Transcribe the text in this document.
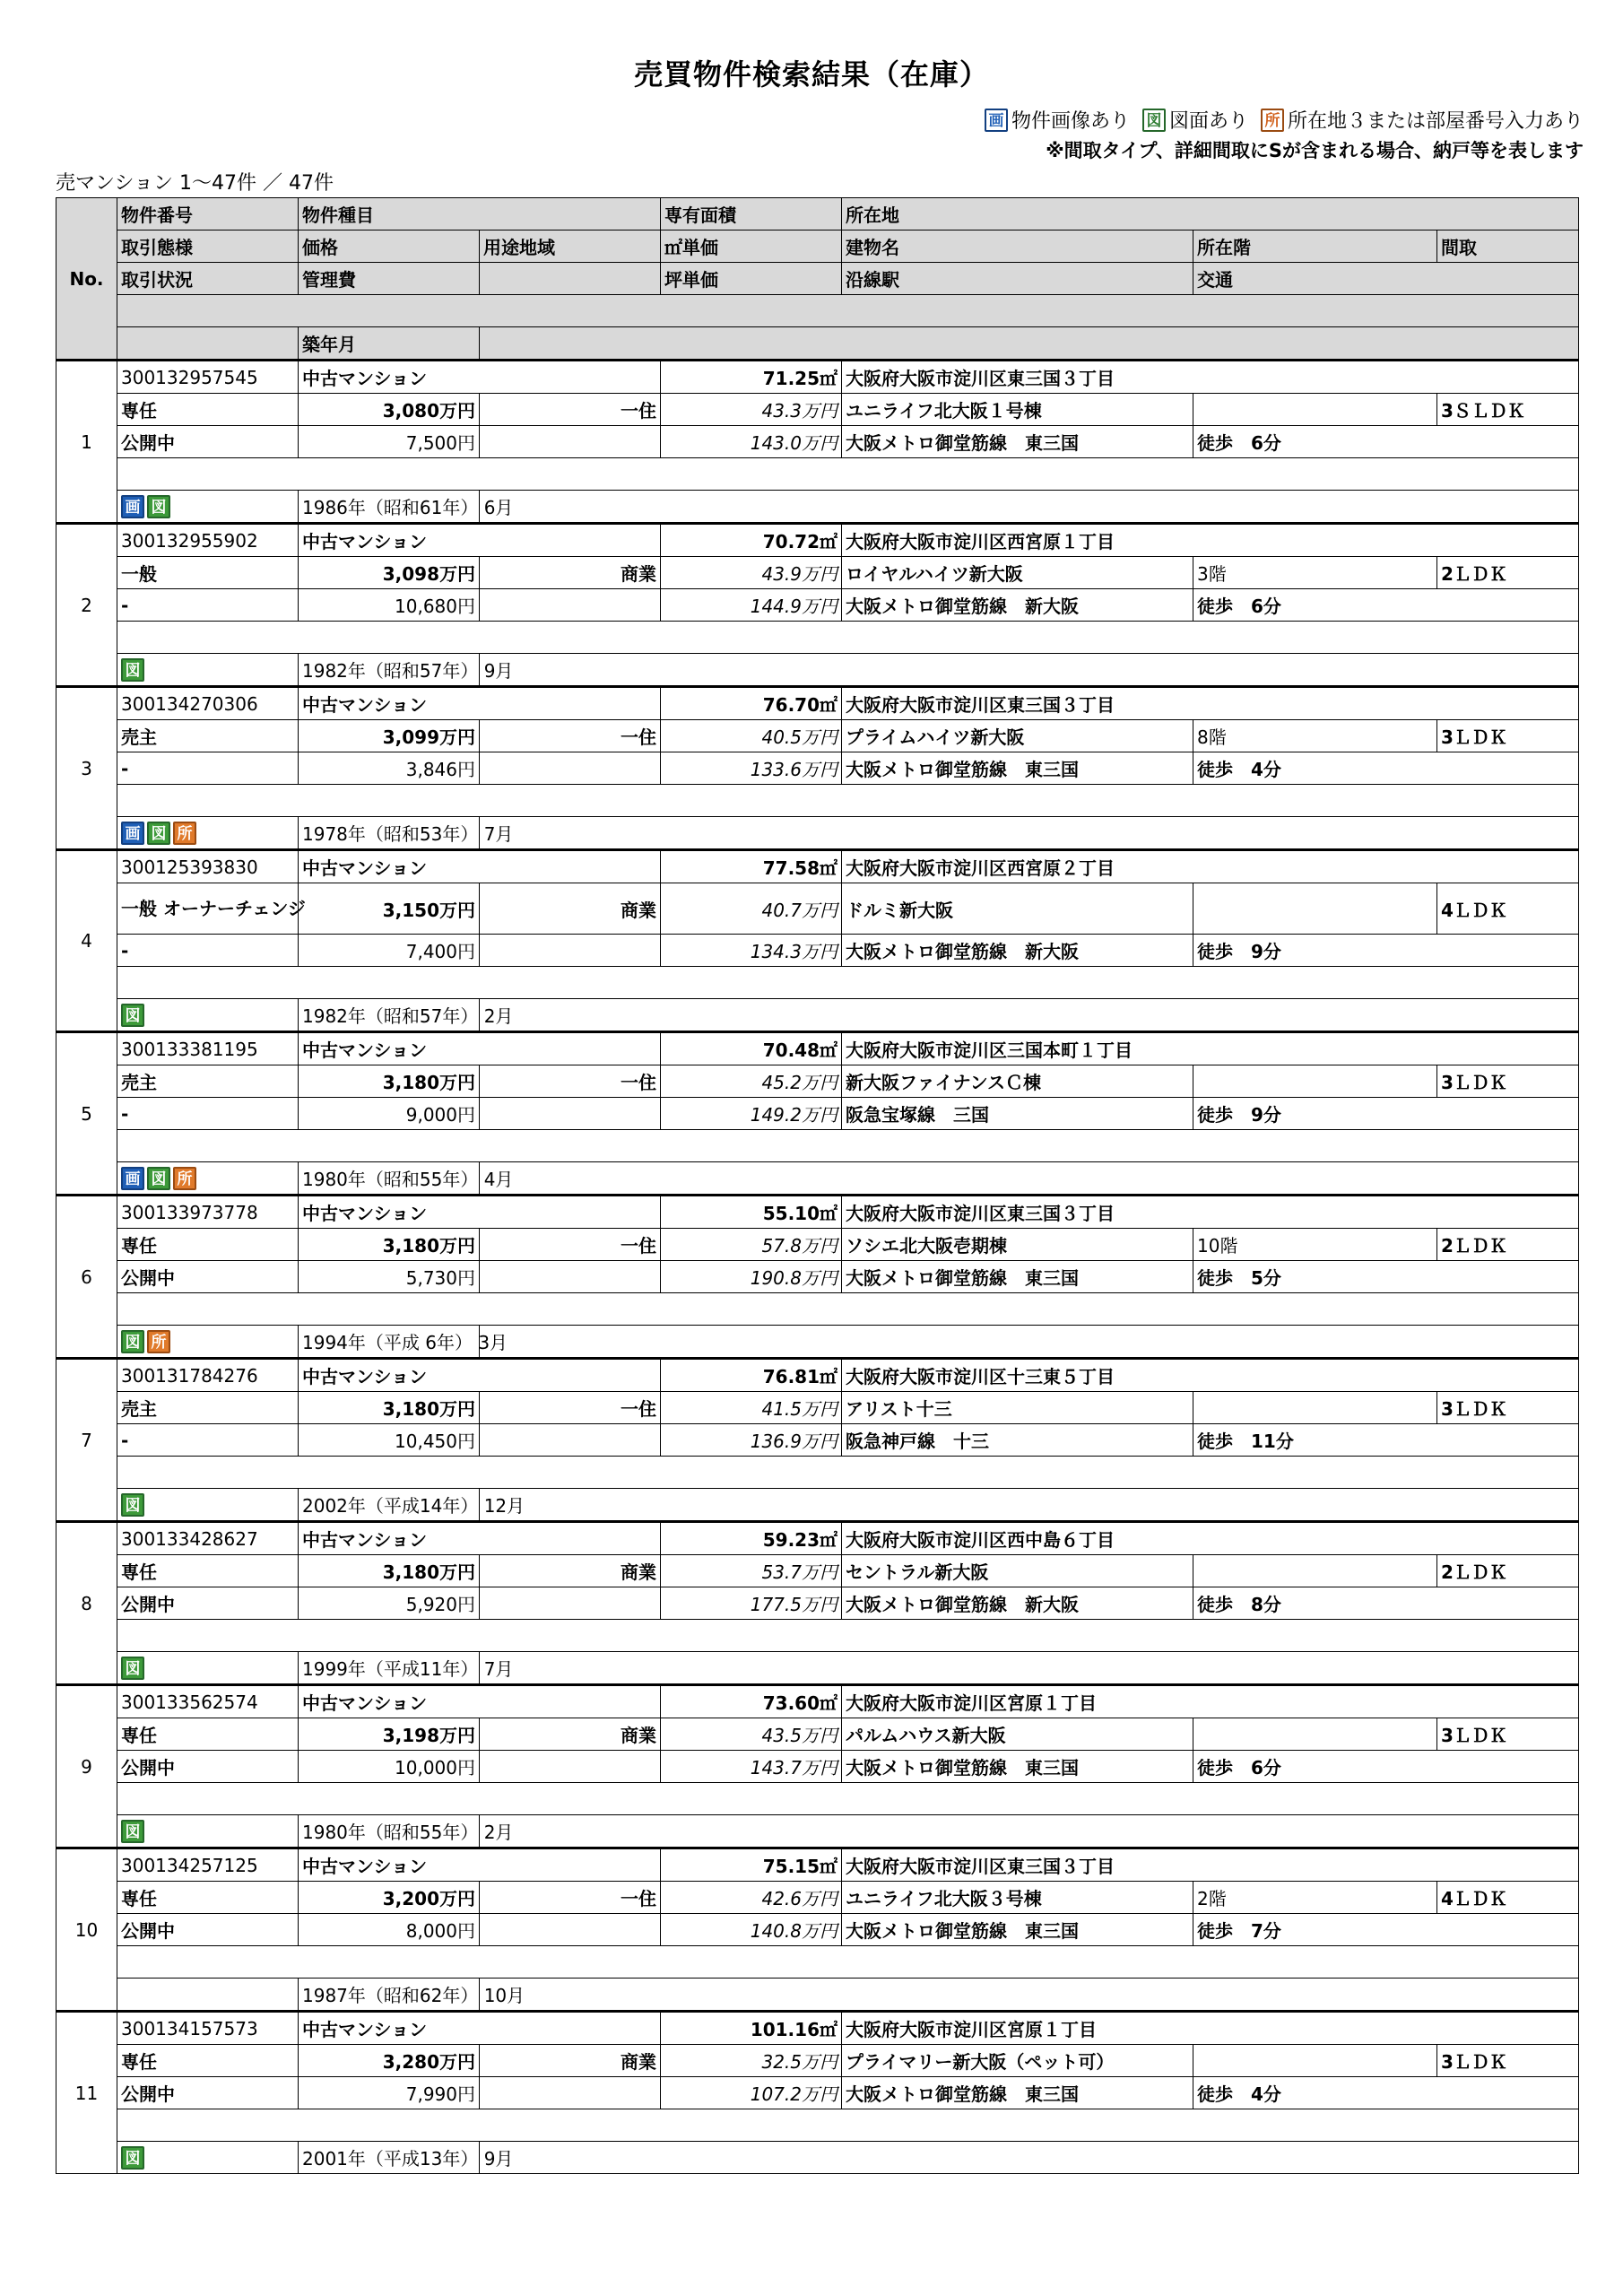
売買物件検索結果（在庫）
画 物件画像あり 図 図面あり 所 所在地３または部屋番号入力あり
※間取タイプ、詳細間取にSが含まれる場合、納戸等を表します
売マンション 1〜47件 ／ 47件
No.	物件番号	物件種目		専有面積	所在地		
	取引態様	価格	用途地域	㎡単価	建物名	所在階	間取
	取引状況	管理費		坪単価	沿線駅	交通	

		築年月					
1	300132957545	中古マンション		71.25㎡	大阪府大阪市淀川区東三国３丁目		
	専任	3,080万円	一住	43.3万円	ユニライフ北大阪１号棟		3ＳＬＤＫ
	公開中	7,500円		143.0万円	大阪メトロ御堂筋線　東三国	徒歩　6分	

	画 図	1986年（昭和61年） 6月					
2	300132955902	中古マンション		70.72㎡	大阪府大阪市淀川区西宮原１丁目		
	一般	3,098万円	商業	43.9万円	ロイヤルハイツ新大阪	3階	2ＬＤＫ
	-	10,680円		144.9万円	大阪メトロ御堂筋線　新大阪	徒歩　6分	

	図	1982年（昭和57年） 9月					
3	300134270306	中古マンション		76.70㎡	大阪府大阪市淀川区東三国３丁目		
	売主	3,099万円	一住	40.5万円	プライムハイツ新大阪	8階	3ＬＤＫ
	-	3,846円		133.6万円	大阪メトロ御堂筋線　東三国	徒歩　4分	

	画 図 所	1978年（昭和53年） 7月					
4	300125393830	中古マンション		77.58㎡	大阪府大阪市淀川区西宮原２丁目		
	一般 オーナーチェンジ	3,150万円	商業	40.7万円	ドルミ新大阪		4ＬＤＫ
	-	7,400円		134.3万円	大阪メトロ御堂筋線　新大阪	徒歩　9分	

	図	1982年（昭和57年） 2月					
5	300133381195	中古マンション		70.48㎡	大阪府大阪市淀川区三国本町１丁目		
	売主	3,180万円	一住	45.2万円	新大阪ファイナンスＣ棟		3ＬＤＫ
	-	9,000円		149.2万円	阪急宝塚線　三国	徒歩　9分	

	画 図 所	1980年（昭和55年） 4月					
6	300133973778	中古マンション		55.10㎡	大阪府大阪市淀川区東三国３丁目		
	専任	3,180万円	一住	57.8万円	ソシエ北大阪壱期棟	10階	2ＬＤＫ
	公開中	5,730円		190.8万円	大阪メトロ御堂筋線　東三国	徒歩　5分	

	図 所	1994年（平成 6年） 3月					
7	300131784276	中古マンション		76.81㎡	大阪府大阪市淀川区十三東５丁目		
	売主	3,180万円	一住	41.5万円	アリスト十三		3ＬＤＫ
	-	10,450円		136.9万円	阪急神戸線　十三	徒歩　11分	

	図	2002年（平成14年） 12月					
8	300133428627	中古マンション		59.23㎡	大阪府大阪市淀川区西中島６丁目		
	専任	3,180万円	商業	53.7万円	セントラル新大阪		2ＬＤＫ
	公開中	5,920円		177.5万円	大阪メトロ御堂筋線　新大阪	徒歩　8分	

	図	1999年（平成11年） 7月					
9	300133562574	中古マンション		73.60㎡	大阪府大阪市淀川区宮原１丁目		
	専任	3,198万円	商業	43.5万円	パルムハウス新大阪		3ＬＤＫ
	公開中	10,000円		143.7万円	大阪メトロ御堂筋線　東三国	徒歩　6分	

	図	1980年（昭和55年） 2月					
10	300134257125	中古マンション		75.15㎡	大阪府大阪市淀川区東三国３丁目		
	専任	3,200万円	一住	42.6万円	ユニライフ北大阪３号棟	2階	4ＬＤＫ
	公開中	8,000円		140.8万円	大阪メトロ御堂筋線　東三国	徒歩　7分	

		1987年（昭和62年） 10月					
11	300134157573	中古マンション		101.16㎡	大阪府大阪市淀川区宮原１丁目		
	専任	3,280万円	商業	32.5万円	プライマリー新大阪（ペット可）		3ＬＤＫ
	公開中	7,990円		107.2万円	大阪メトロ御堂筋線　東三国	徒歩　4分	

	図	2001年（平成13年） 9月					
